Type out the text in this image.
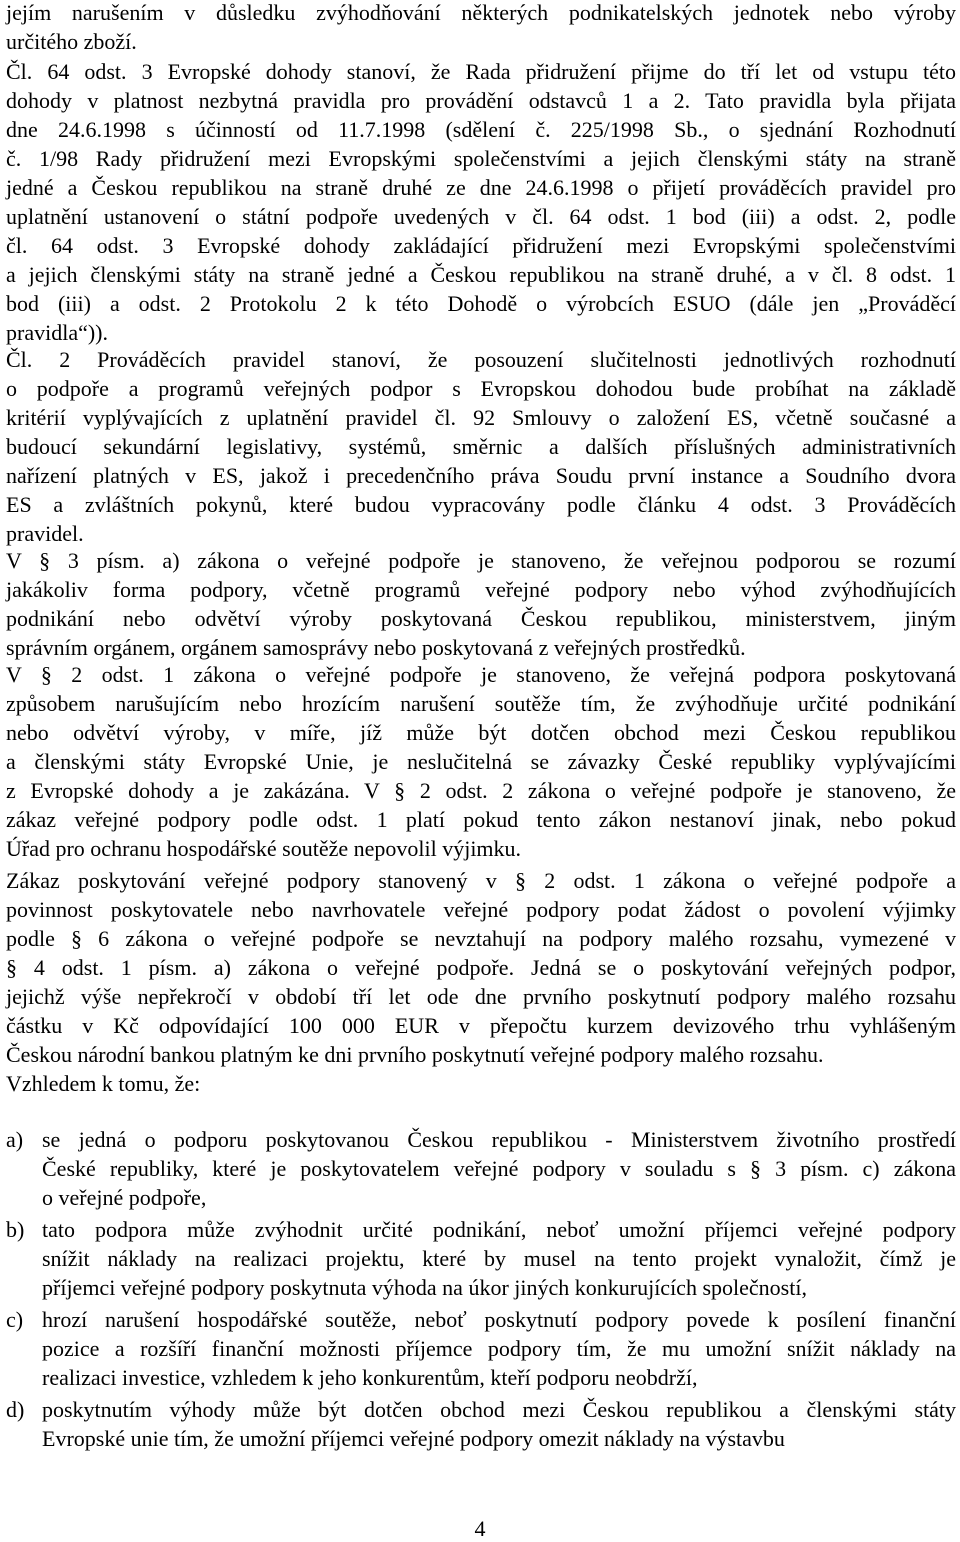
jejím narušením v důsledku zvýhodňování některých podnikatelských jednotek nebo výroby
určitého zboží.
Čl. 64 odst. 3 Evropské dohody stanoví, že Rada přidružení přijme do tří let od vstupu této
dohody v platnost nezbytná pravidla pro provádění odstavců 1 a 2. Tato pravidla byla přijata
dne 24.6.1998 s účinností od 11.7.1998 (sdělení č. 225/1998 Sb., o sjednání Rozhodnutí
č. 1/98 Rady přidružení mezi Evropskými společenstvími a jejich členskými státy na straně
jedné a Českou republikou na straně druhé ze dne 24.6.1998 o přijetí prováděcích pravidel pro
uplatnění ustanovení o státní podpoře uvedených v čl. 64 odst. 1 bod (iii) a odst. 2, podle
čl. 64 odst. 3 Evropské dohody zakládající přidružení mezi Evropskými společenstvími
a jejich členskými státy na straně jedné a Českou republikou na straně druhé, a v čl. 8 odst. 1
bod (iii) a odst. 2 Protokolu 2 k této Dohodě o výrobcích ESUO (dále jen „Prováděcí
pravidla“)).
Čl. 2 Prováděcích pravidel stanoví, že posouzení slučitelnosti jednotlivých rozhodnutí
o podpoře a programů veřejných podpor s Evropskou dohodou bude probíhat na základě
kritérií vyplývajících z uplatnění pravidel čl. 92 Smlouvy o založení ES, včetně současné a
budoucí sekundární legislativy, systémů, směrnic a dalších příslušných administrativních
nařízení platných v ES, jakož i precedenčního práva Soudu první instance a Soudního dvora
ES a zvláštních pokynů, které budou vypracovány podle článku 4 odst. 3 Prováděcích
pravidel.
V § 3 písm. a) zákona o veřejné podpoře je stanoveno, že veřejnou podporou se rozumí
jakákoliv forma podpory, včetně programů veřejné podpory nebo výhod zvýhodňujících
podnikání nebo odvětví výroby poskytovaná Českou republikou, ministerstvem, jiným
správním orgánem, orgánem samosprávy nebo poskytovaná z veřejných prostředků.
V § 2 odst. 1 zákona o veřejné podpoře je stanoveno, že veřejná podpora poskytovaná
způsobem narušujícím nebo hrozícím narušení soutěže tím, že zvýhodňuje určité podnikání
nebo odvětví výroby, v míře, jíž může být dotčen obchod mezi Českou republikou
a členskými státy Evropské Unie, je neslučitelná se závazky České republiky vyplývajícími
z Evropské dohody a je zakázána. V § 2 odst. 2 zákona o veřejné podpoře je stanoveno, že
zákaz veřejné podpory podle odst. 1 platí pokud tento zákon nestanoví jinak, nebo pokud
Úřad pro ochranu hospodářské soutěže nepovolil výjimku.
Zákaz poskytování veřejné podpory stanovený v § 2 odst. 1 zákona o veřejné podpoře a
povinnost poskytovatele nebo navrhovatele veřejné podpory podat žádost o povolení výjimky
podle § 6 zákona o veřejné podpoře se nevztahují na podpory malého rozsahu, vymezené v
§ 4 odst. 1 písm. a) zákona o veřejné podpoře. Jedná se o poskytování veřejných podpor,
jejichž výše nepřekročí v období tří let ode dne prvního poskytnutí podpory malého rozsahu
částku v Kč odpovídající 100 000 EUR v přepočtu kurzem devizového trhu vyhlášeným
Českou národní bankou platným ke dni prvního poskytnutí veřejné podpory malého rozsahu.
Vzhledem k tomu, že:
a) se jedná o podporu poskytovanou Českou republikou - Ministerstvem životního prostředí
České republiky, které je poskytovatelem veřejné podpory v souladu s § 3 písm. c) zákona
o veřejné podpoře,
b) tato podpora může zvýhodnit určité podnikání, neboť umožní příjemci veřejné podpory
snížit náklady na realizaci projektu, které by musel na tento projekt vynaložit, čímž je
příjemci veřejné podpory poskytnuta výhoda na úkor jiných konkurujících společností,
c) hrozí narušení hospodářské soutěže, neboť poskytnutí podpory povede k posílení finanční
pozice a rozšíří finanční možnosti příjemce podpory tím, že mu umožní snížit náklady na
realizaci investice, vzhledem k jeho konkurentům, kteří podporu neobdrží,
d) poskytnutím výhody může být dotčen obchod mezi Českou republikou a členskými státy
Evropské unie tím, že umožní příjemci veřejné podpory omezit náklady na výstavbu
4
